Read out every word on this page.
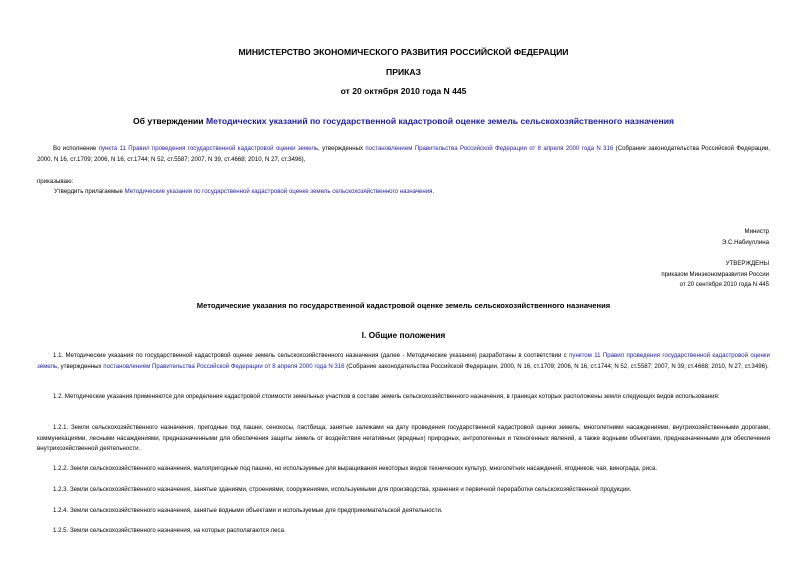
МИНИСТЕРСТВО ЭКОНОМИЧЕСКОГО РАЗВИТИЯ РОССИЙСКОЙ ФЕДЕРАЦИИ
ПРИКАЗ
от 20 октября 2010 года N 445
Об утверждении Методических указаний по государственной кадастровой оценке земель сельскохозяйственного назначения
Во исполнение пункта 11 Правил проведения государственной кадастровой оценки земель, утвержденных постановлением Правительства Российской Федерации от 8 апреля 2000 года N 316 (Собрание законодательства Российской Федерации, 2000, N 16, ст.1709; 2006, N 16, ст.1744; N 52, ст.5587; 2007, N 39, ст.4668; 2010, N 27, ст.3496),
приказываю:
Утвердить прилагаемые Методические указания по государственной кадастровой оценке земель сельскохозяйственного назначения.
Министр
Э.С.Набиуллина
УТВЕРЖДЕНЫ
приказом Минэкономразвития России
от 20 сентября 2010 года N 445
Методические указания по государственной кадастровой оценке земель сельскохозяйственного назначения
I. Общие положения
1.1. Методические указания по государственной кадастровой оценке земель сельскохозяйственного назначения (далее - Методические указания) разработаны в соответствии с пунктом 11 Правил проведения государственной кадастровой оценки земель, утвержденных постановлением Правительства Российской Федерации от 8 апреля 2000 года N 316 (Собрание законодательства Российской Федерации, 2000, N 16, ст.1709; 2006, N 16, ст.1744; N 52, ст.5587; 2007, N 39, ст.4668; 2010, N 27, ст.3496).
1.2. Методические указания применяются для определения кадастровой стоимости земельных участков в составе земель сельскохозяйственного назначения, в границах которых расположены земли следующих видов использования:
1.2.1. Земли сельскохозяйственного назначения, пригодные под пашни, сенокосы, пастбища, занятые залежами на дату проведения государственной кадастровой оценки земель, многолетними насаждениями, внутрихозяйственными дорогами, коммуникациями, лесными насаждениями, предназначенными для обеспечения защиты земель от воздействия негативных (вредных) природных, антропогенных и техногенных явлений, а также водными объектами, предназначенными для обеспечения внутрихозяйственной деятельности.
1.2.2. Земли сельскохозяйственного назначения, малопригодные под пашню, но используемые для выращивания некоторых видов технических культур, многолетних насаждений, ягодников, чая, винограда, риса.
1.2.3. Земли сельскохозяйственного назначения, занятые зданиями, строениями, сооружениями, используемыми для производства, хранения и первичной переработки сельскохозяйственной продукции.
1.2.4. Земли сельскохозяйственного назначения, занятые водными объектами и используемые для предпринимательской деятельности.
1.2.5. Земли сельскохозяйственного назначения, на которых располагаются леса.
